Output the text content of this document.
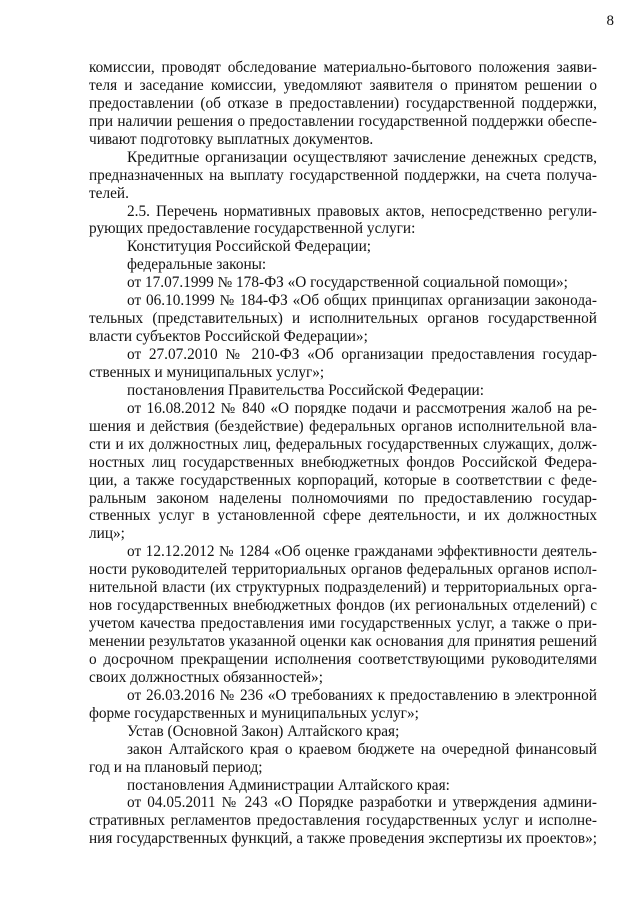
8
комиссии, проводят обследование материально-бытового положения заяви-
теля и заседание комиссии, уведомляют заявителя о принятом решении о
предоставлении (об отказе в предоставлении) государственной поддержки,
при наличии решения о предоставлении государственной поддержки обеспе-
чивают подготовку выплатных документов.
Кредитные организации осуществляют зачисление денежных средств,
предназначенных на выплату государственной поддержки, на счета получа-
телей.
2.5. Перечень нормативных правовых актов, непосредственно регули-
рующих предоставление государственной услуги:
Конституция Российской Федерации;
федеральные законы:
от 17.07.1999 № 178-ФЗ «О государственной социальной помощи»;
от 06.10.1999 № 184-ФЗ «Об общих принципах организации законода-
тельных (представительных) и исполнительных органов государственной
власти субъектов Российской Федерации»;
от 27.07.2010 № 210-ФЗ «Об организации предоставления государ-
ственных и муниципальных услуг»;
постановления Правительства Российской Федерации:
от 16.08.2012 № 840 «О порядке подачи и рассмотрения жалоб на ре-
шения и действия (бездействие) федеральных органов исполнительной вла-
сти и их должностных лиц, федеральных государственных служащих, долж-
ностных лиц государственных внебюджетных фондов Российской Федера-
ции, а также государственных корпораций, которые в соответствии с феде-
ральным законом наделены полномочиями по предоставлению государ-
ственных услуг в установленной сфере деятельности, и их должностных
лиц»;
от 12.12.2012 № 1284 «Об оценке гражданами эффективности деятель-
ности руководителей территориальных органов федеральных органов испол-
нительной власти (их структурных подразделений) и территориальных орга-
нов государственных внебюджетных фондов (их региональных отделений) с
учетом качества предоставления ими государственных услуг, а также о при-
менении результатов указанной оценки как основания для принятия решений
о досрочном прекращении исполнения соответствующими руководителями
своих должностных обязанностей»;
от 26.03.2016 № 236 «О требованиях к предоставлению в электронной
форме государственных и муниципальных услуг»;
Устав (Основной Закон) Алтайского края;
закон Алтайского края о краевом бюджете на очередной финансовый
год и на плановый период;
постановления Администрации Алтайского края:
от 04.05.2011 № 243 «О Порядке разработки и утверждения админи-
стративных регламентов предоставления государственных услуг и исполне-
ния государственных функций, а также проведения экспертизы их проектов»;
